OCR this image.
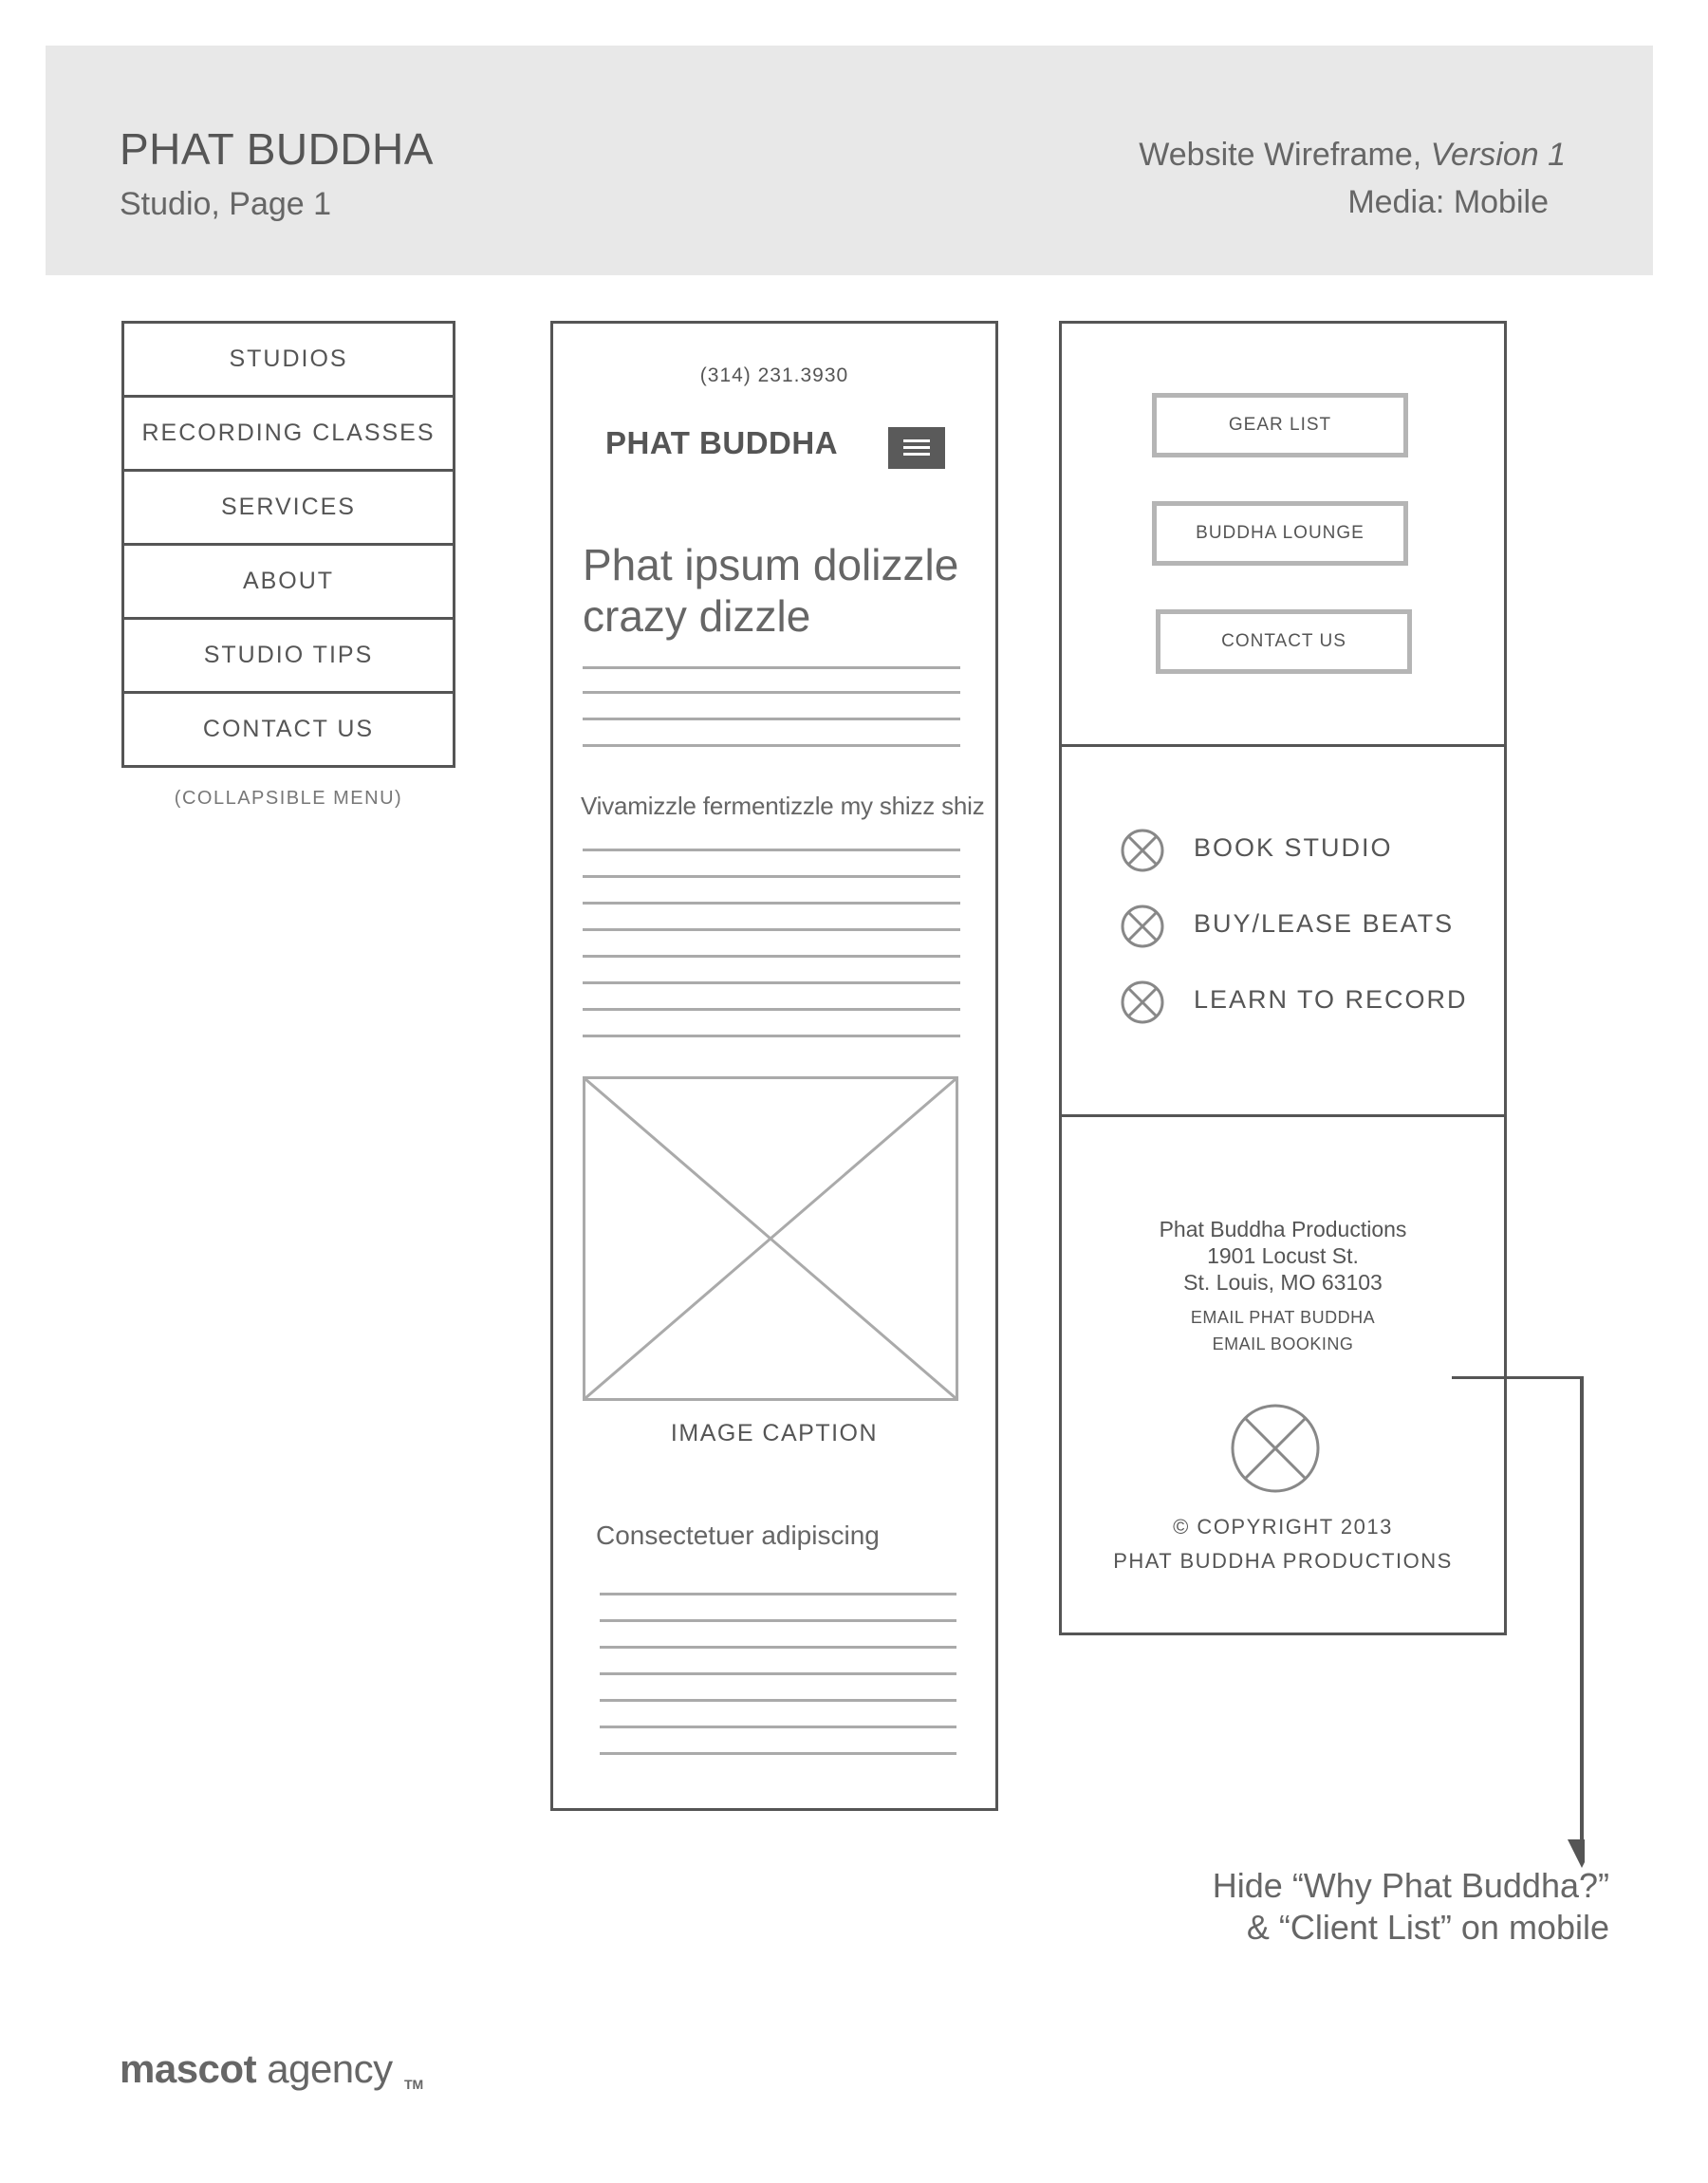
PHAT BUDDHA
Studio, Page 1
Website Wireframe, Version 1
Media: Mobile
STUDIOS
RECORDING CLASSES
SERVICES
ABOUT
STUDIO TIPS
CONTACT US
(COLLAPSIBLE MENU)
(314) 231.3930
PHAT BUDDHA
Phat ipsum dolizzle crazy dizzle
Vivamizzle fermentizzle my shizz shiz
IMAGE CAPTION
Consectetuer adipiscing
GEAR LIST
BUDDHA LOUNGE
CONTACT US
BOOK STUDIO
BUY/LEASE BEATS
LEARN TO RECORD
Phat Buddha Productions
1901 Locust St.
St. Louis, MO 63103
EMAIL PHAT BUDDHA
EMAIL BOOKING
© COPYRIGHT 2013
PHAT BUDDHA PRODUCTIONS
Hide “Why Phat Buddha?”
& “Client List” on mobile
mascot agency TM
